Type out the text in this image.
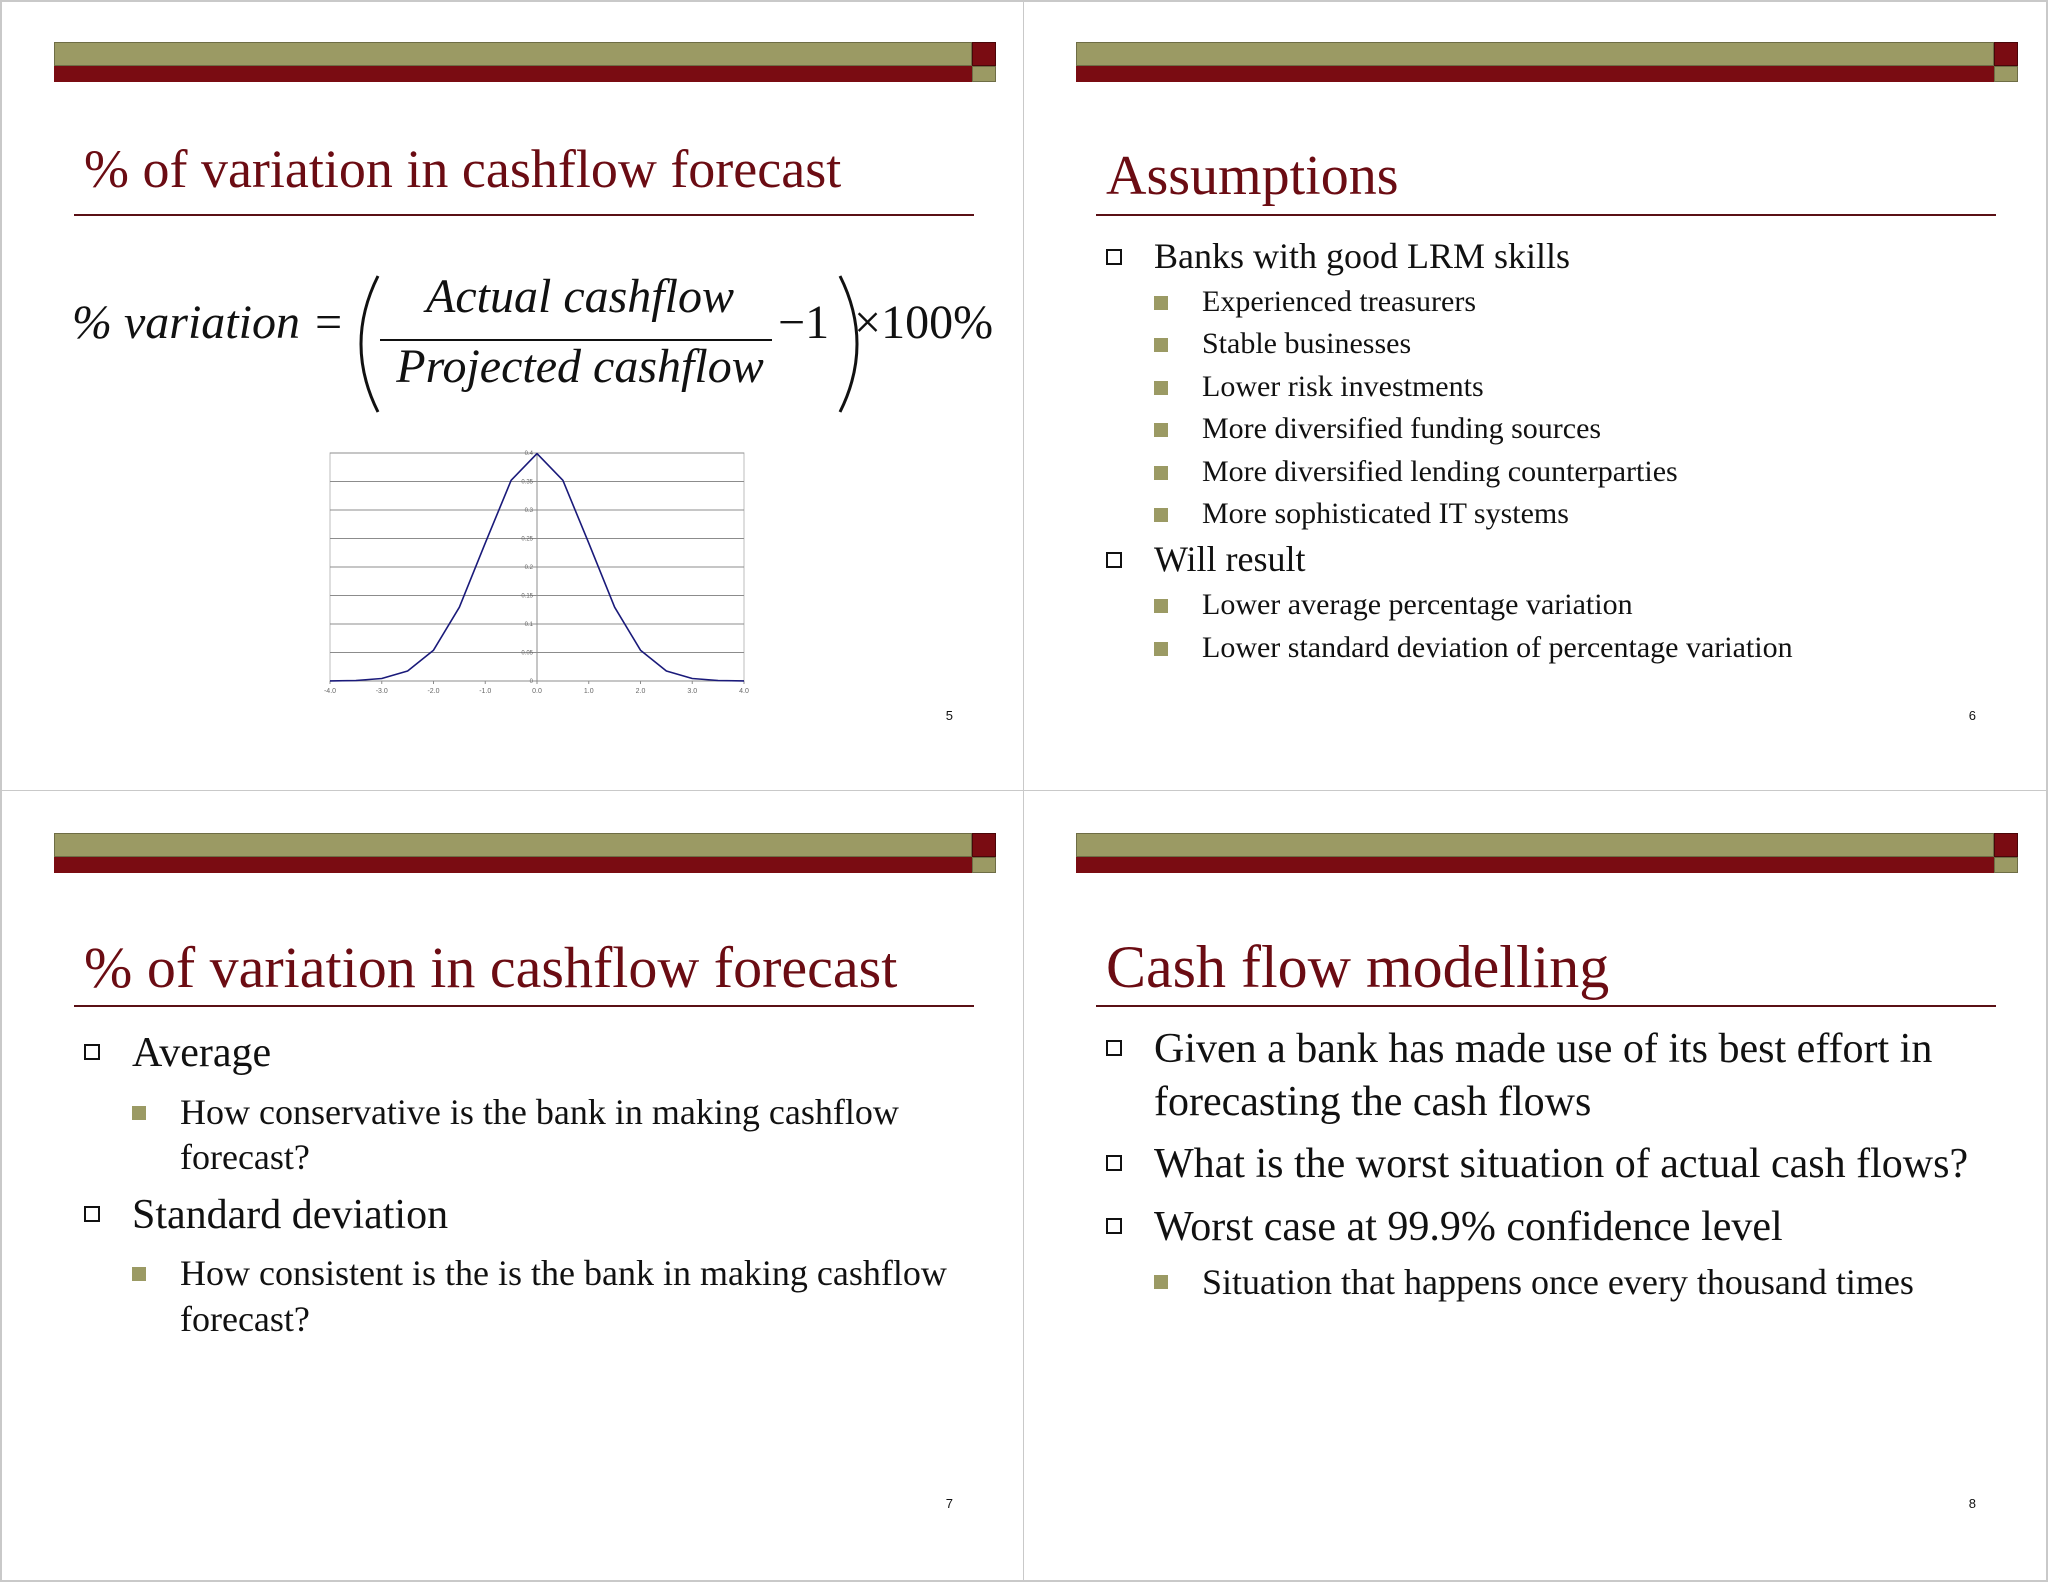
% of variation in cashflow forecast
% variation = Actual cashflow
Projected cashflow
−1 ×100%
0
0.05
0.1
0.15
0.2
0.25
0.3
0.35
0.4
-4.0	-3.0	-2.0	-1.0	0.0	1.0	2.0	3.0	4.0
5
Assumptions
Banks with good LRM skills
Experienced treasurers
Stable businesses
Lower risk investments
More diversified funding sources
More diversified lending counterparties
More sophisticated IT systems
Will result
Lower average percentage variation
Lower standard deviation of percentage variation
6
% of variation in cashflow forecast
Average
How conservative is the bank in making cashflow forecast?
Standard deviation
How consistent is the is the bank in making cashflow forecast?
7
Cash flow modelling
Given a bank has made use of its best effort in forecasting the cash flows
What is the worst situation of actual cash flows?
Worst case at 99.9% confidence level
Situation that happens once every thousand times
8
